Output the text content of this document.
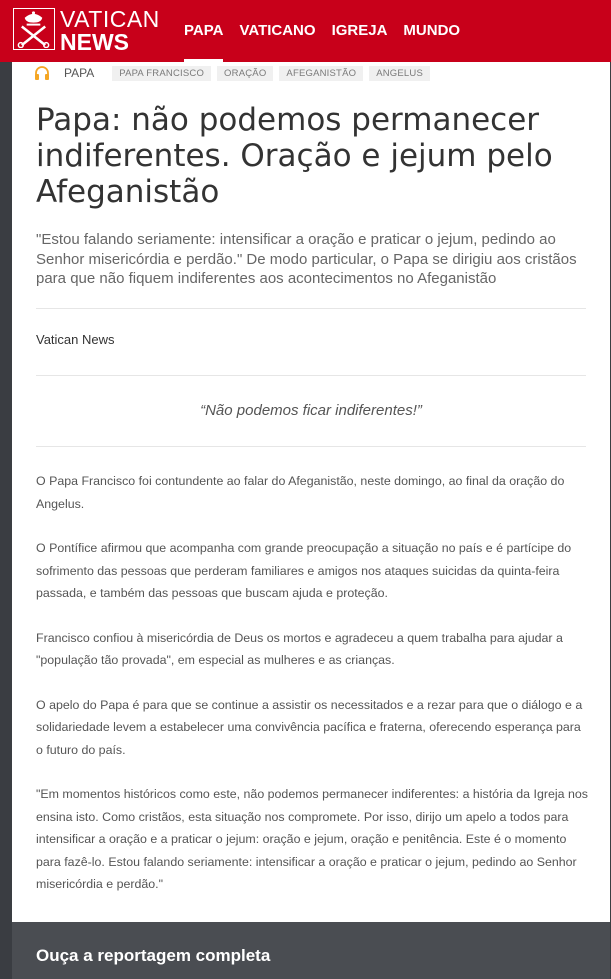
VATICAN
NEWS	PAPA	VATICANO	IGREJA	MUNDO
PAPA	PAPA FRANCISCO	ORAÇÃO	AFEGANISTÃO	ANGELUS
Papa: não podemos permanecer indiferentes. Oração e jejum pelo Afeganistão

"Estou falando seriamente: intensificar a oração e praticar o jejum, pedindo ao Senhor misericórdia e perdão." De modo particular, o Papa se dirigiu aos cristãos para que não fiquem indiferentes aos acontecimentos no Afeganistão

Vatican News
“Não podemos ficar indiferentes!”

O Papa Francisco foi contundente ao falar do Afeganistão, neste domingo, ao final da oração do Angelus.

O Pontífice afirmou que acompanha com grande preocupação a situação no país e é partícipe do sofrimento das pessoas que perderam familiares e amigos nos ataques suicidas da quinta-feira passada, e também das pessoas que buscam ajuda e proteção.

Francisco confiou à misericórdia de Deus os mortos e agradeceu a quem trabalha para ajudar a "população tão provada", em especial as mulheres e as crianças.

O apelo do Papa é para que se continue a assistir os necessitados e a rezar para que o diálogo e a solidariedade levem a estabelecer uma convivência pacífica e fraterna, oferecendo esperança para o futuro do país.

"Em momentos históricos como este, não podemos permanecer indiferentes: a história da Igreja nos ensina isto. Como cristãos, esta situação nos compromete. Por isso, dirijo um apelo a todos para intensificar a oração e a praticar o jejum: oração e jejum, oração e penitência. Este é o momento para fazê-lo. Estou falando seriamente: intensificar a oração e praticar o jejum, pedindo ao Senhor misericórdia e perdão."

Ouça a reportagem completa
